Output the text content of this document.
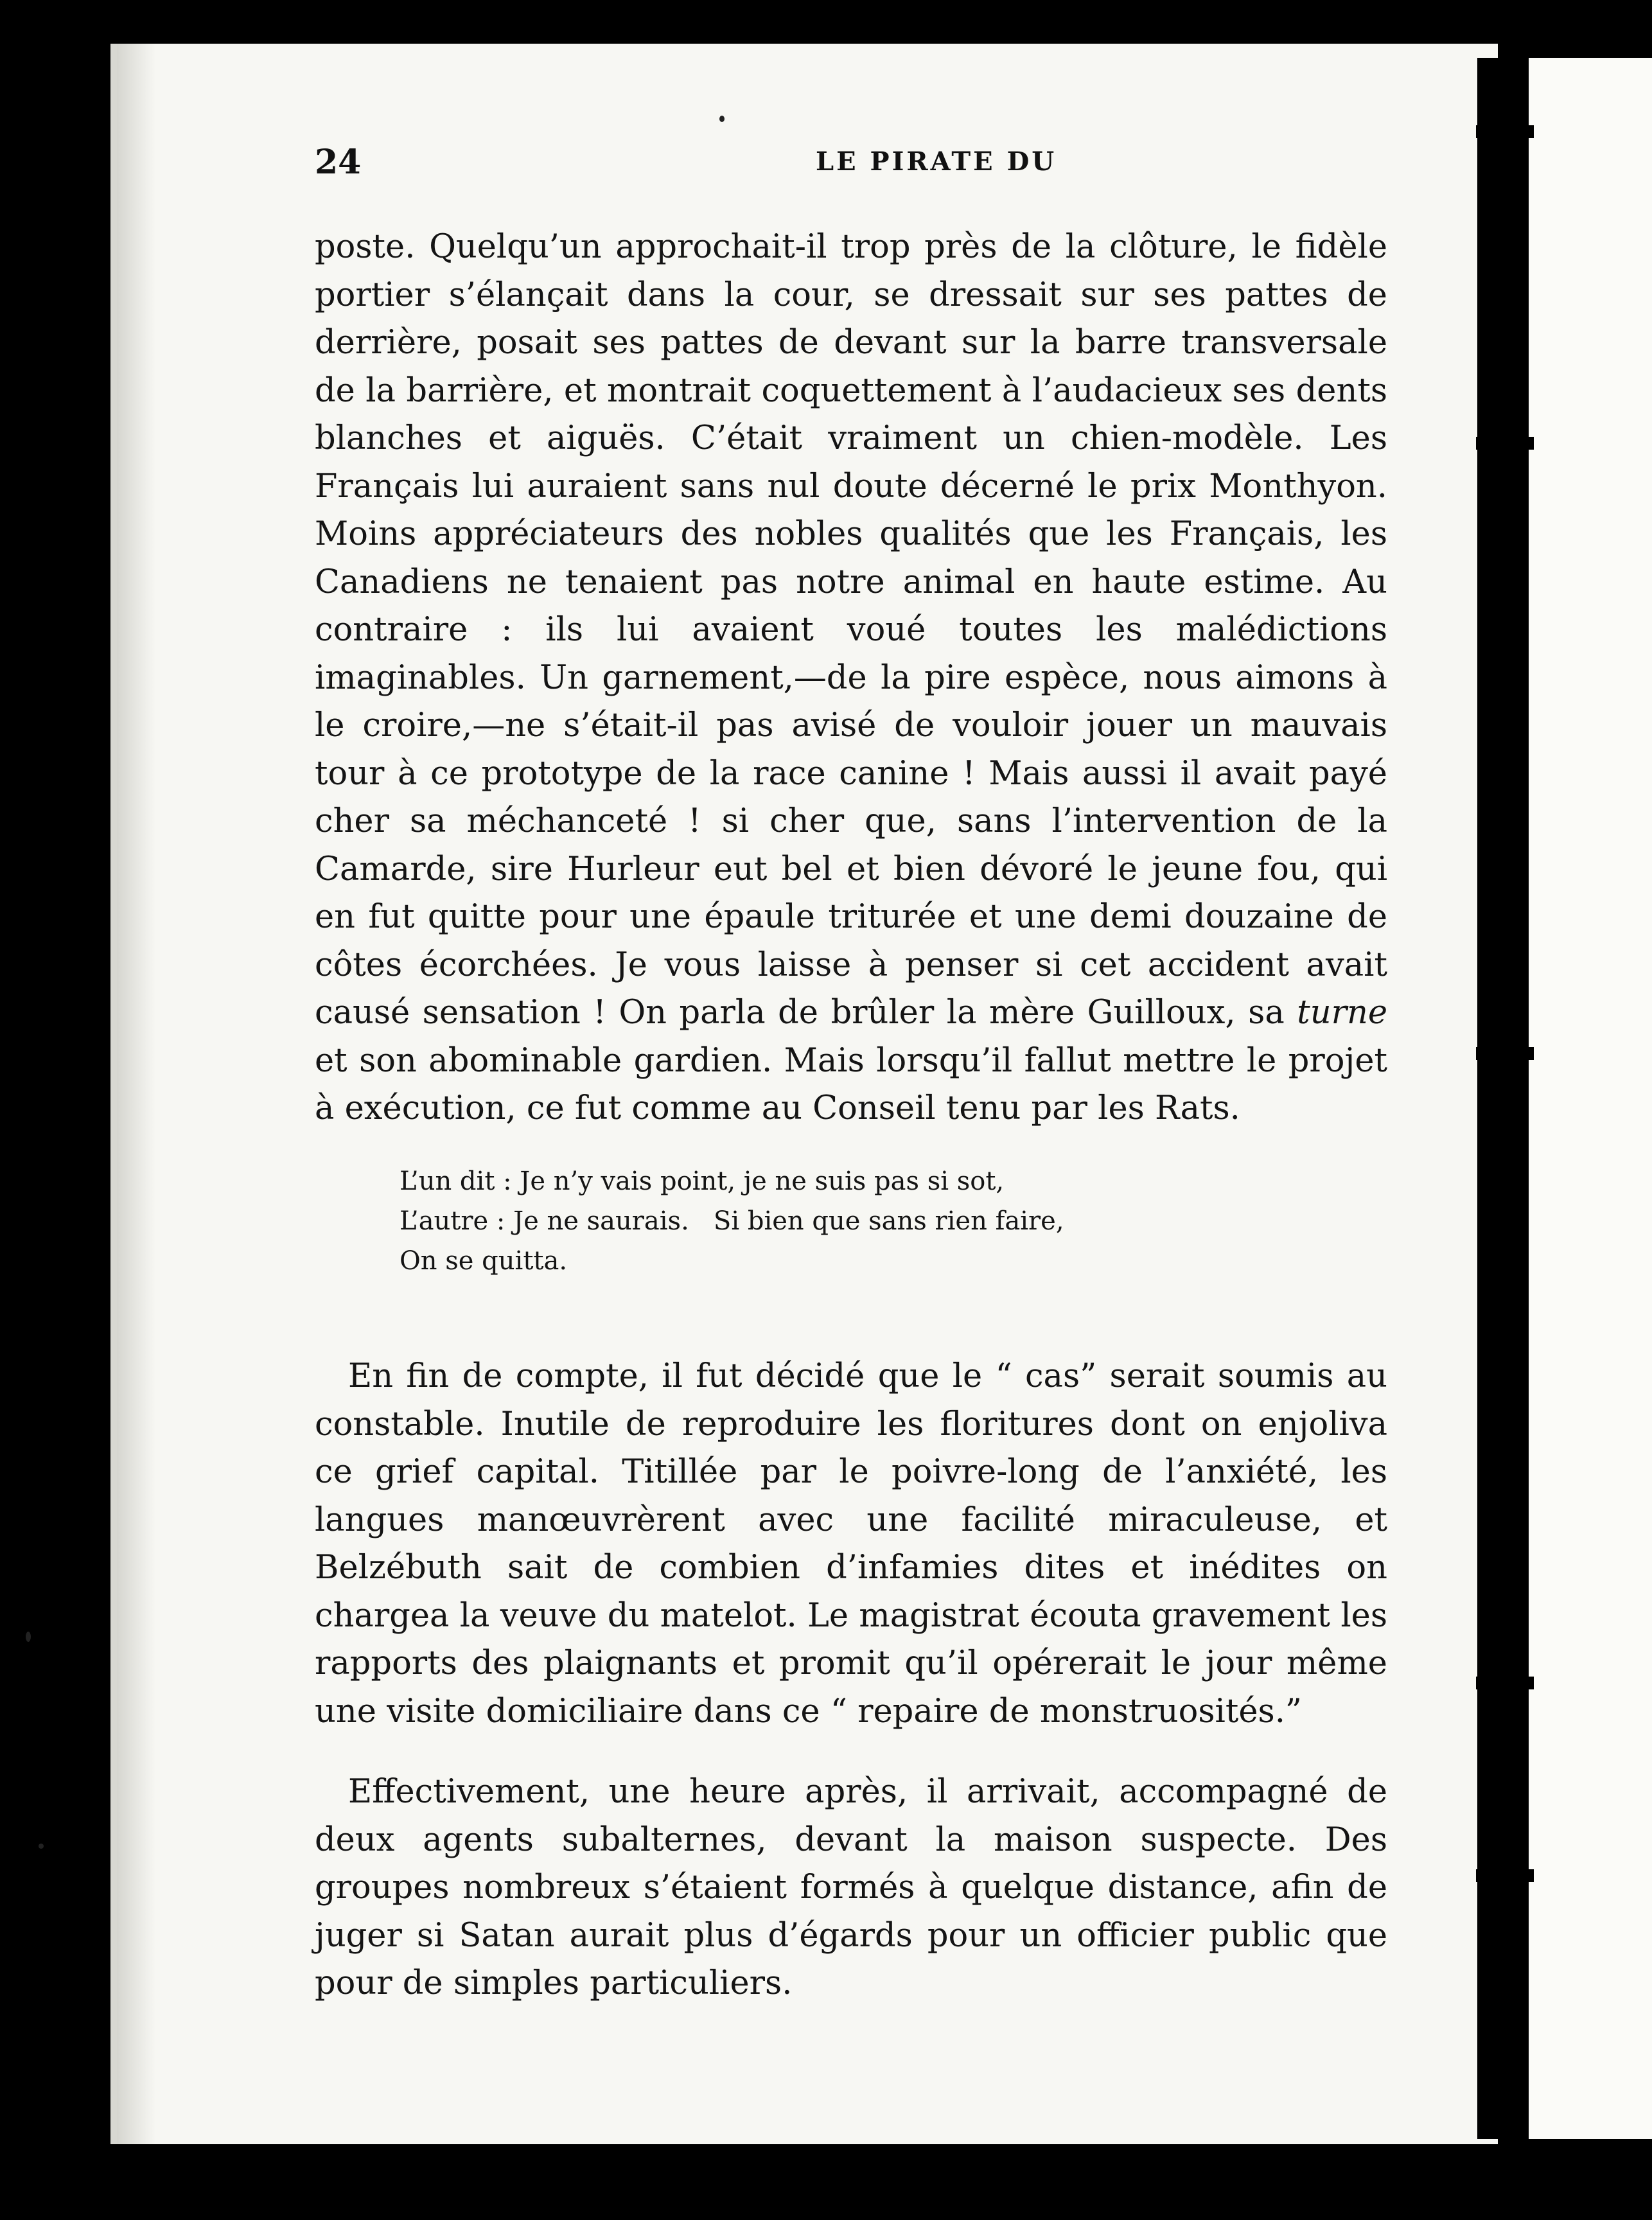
24	LE PIRATE DU

poste. Quelqu’un approchait-il trop près de la clôture, le fidèle portier s’élançait dans la cour, se dressait sur ses pattes de derrière, posait ses pattes de devant sur la barre transversale de la barrière, et montrait coquettement à l’audacieux ses dents blanches et aiguës. C’était vraiment un chien-modèle. Les Français lui auraient sans nul doute décerné le prix Monthyon. Moins appréciateurs des nobles qualités que les Français, les Canadiens ne tenaient pas notre animal en haute estime. Au contraire : ils lui avaient voué toutes les malédictions imaginables. Un garnement,—de la pire espèce, nous aimons à le croire,—ne s’était-il pas avisé de vouloir jouer un mauvais tour à ce prototype de la race canine ! Mais aussi il avait payé cher sa méchanceté ! si cher que, sans l’intervention de la Camarde, sire Hurleur eut bel et bien dévoré le jeune fou, qui en fut quitte pour une épaule triturée et une demi douzaine de côtes écorchées. Je vous laisse à penser si cet accident avait causé sensation ! On parla de brûler la mère Guilloux, sa turne et son abominable gardien. Mais lorsqu’il fallut mettre le projet à exécution, ce fut comme au Conseil tenu par les Rats.

L’un dit : Je n’y vais point, je ne suis pas si sot,
L’autre : Je ne saurais.   Si bien que sans rien faire,
On se quitta.

En fin de compte, il fut décidé que le “ cas” serait soumis au constable. Inutile de reproduire les floritures dont on enjoliva ce grief capital. Titillée par le poivre-long de l’anxiété, les langues manœuvrèrent avec une facilité miraculeuse, et Belzébuth sait de combien d’infamies dites et inédites on chargea la veuve du matelot. Le magistrat écouta gravement les rapports des plaignants et promit qu’il opérerait le jour même une visite domiciliaire dans ce “ repaire de monstruosités.”

Effectivement, une heure après, il arrivait, accompagné de deux agents subalternes, devant la maison suspecte. Des groupes nombreux s’étaient formés à quelque distance, afin de juger si Satan aurait plus d’égards pour un officier public que pour de simples particuliers.
